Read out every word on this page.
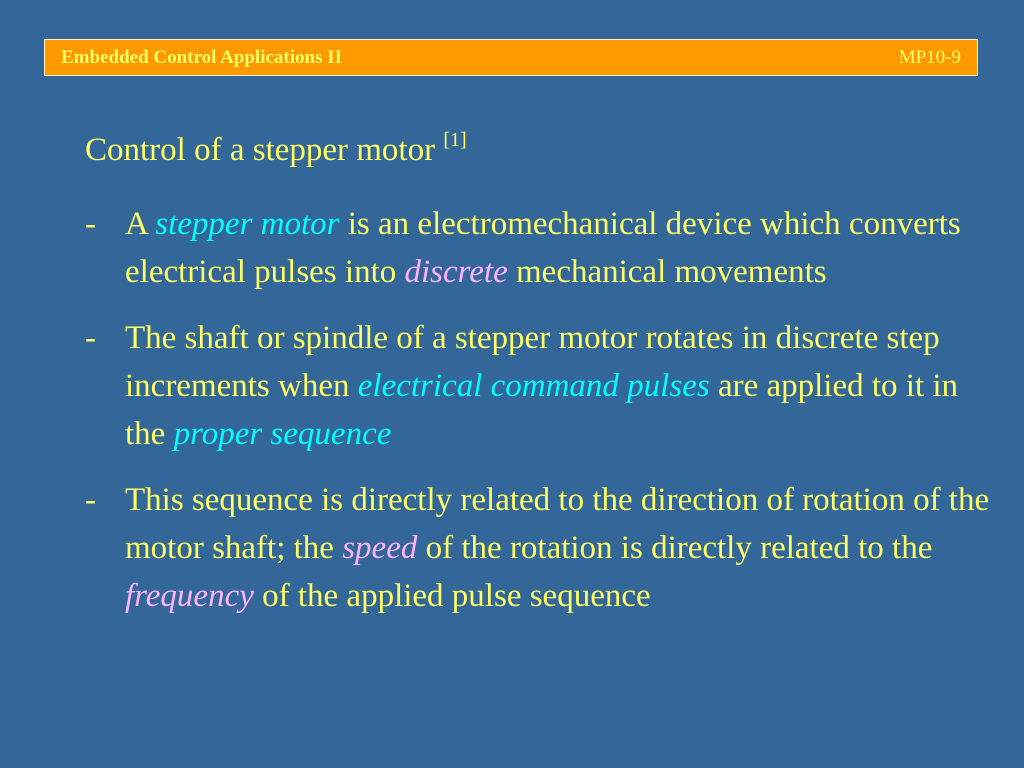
Embedded Control Applications II	MP10-9
Control of a stepper motor [1]
- A stepper motor is an electromechanical device which converts electrical pulses into discrete mechanical movements
- The shaft or spindle of a stepper motor rotates in discrete step increments when electrical command pulses are applied to it in the proper sequence
- This sequence is directly related to the direction of rotation of the motor shaft; the speed of the rotation is directly related to the frequency of the applied pulse sequence
